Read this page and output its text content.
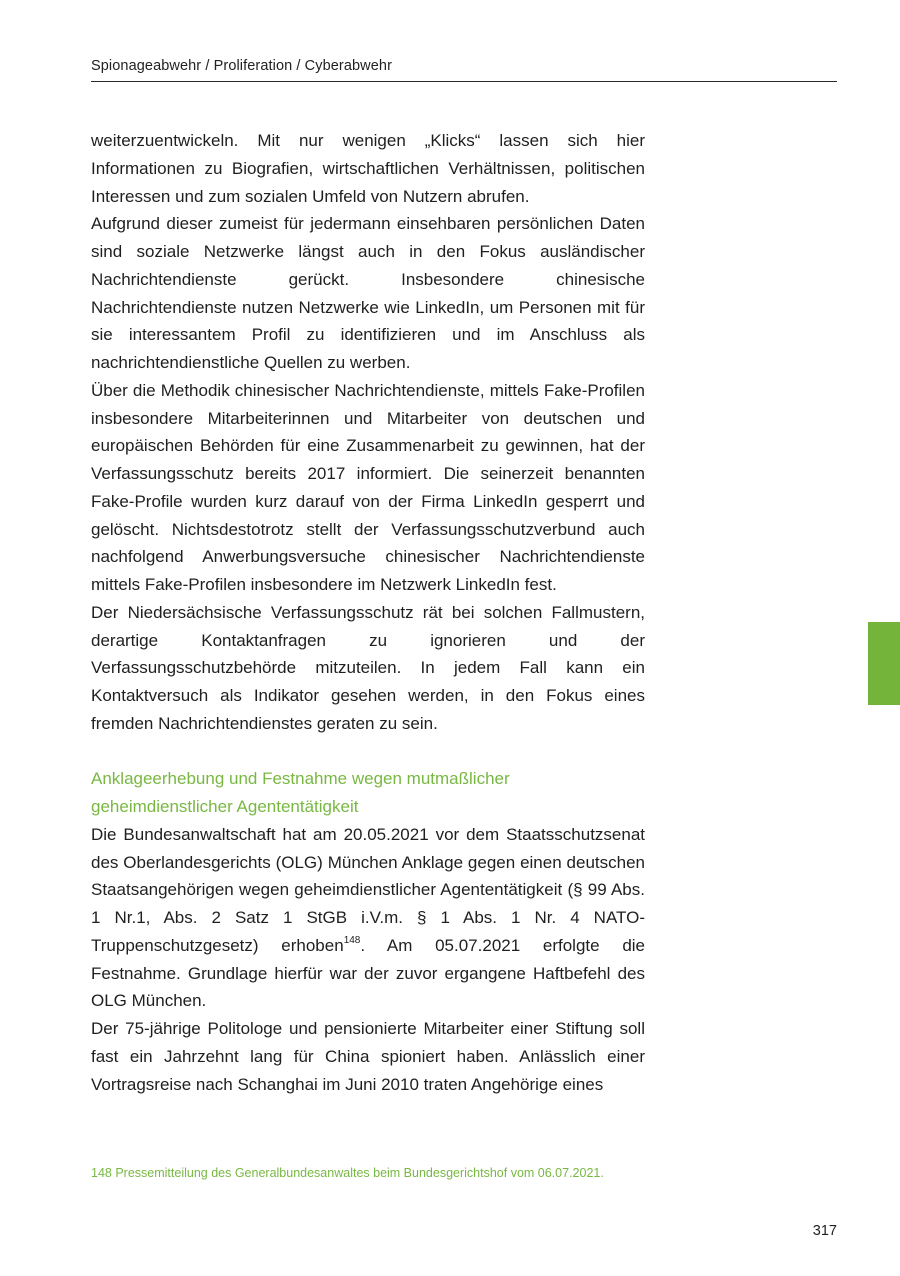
Spionageabwehr / Proliferation / Cyberabwehr

weiterzuentwickeln. Mit nur wenigen „Klicks“ lassen sich hier Informationen zu Biografien, wirtschaftlichen Verhältnissen, politischen Interessen und zum sozialen Umfeld von Nutzern abrufen.

Aufgrund dieser zumeist für jedermann einsehbaren persönlichen Daten sind soziale Netzwerke längst auch in den Fokus ausländischer Nachrichtendienste gerückt. Insbesondere chinesische Nachrichtendienste nutzen Netzwerke wie LinkedIn, um Personen mit für sie interessantem Profil zu identifizieren und im Anschluss als nachrichtendienstliche Quellen zu werben.

Über die Methodik chinesischer Nachrichtendienste, mittels Fake-Profilen insbesondere Mitarbeiterinnen und Mitarbeiter von deutschen und europäischen Behörden für eine Zusammenarbeit zu gewinnen, hat der Verfassungsschutz bereits 2017 informiert. Die seinerzeit benannten Fake-Profile wurden kurz darauf von der Firma LinkedIn gesperrt und gelöscht. Nichtsdestotrotz stellt der Verfassungsschutzverbund auch nachfolgend Anwerbungsversuche chinesischer Nachrichtendienste mittels Fake-Profilen insbesondere im Netzwerk LinkedIn fest.

Der Niedersächsische Verfassungsschutz rät bei solchen Fallmustern, derartige Kontaktanfragen zu ignorieren und der Verfassungsschutzbehörde mitzuteilen. In jedem Fall kann ein Kontaktversuch als Indikator gesehen werden, in den Fokus eines fremden Nachrichtendienstes geraten zu sein.

Anklageerhebung und Festnahme wegen mutmaßlicher geheimdienstlicher Agententätigkeit

Die Bundesanwaltschaft hat am 20.05.2021 vor dem Staatsschutzsenat des Oberlandesgerichts (OLG) München Anklage gegen einen deutschen Staatsangehörigen wegen geheimdienstlicher Agententätigkeit (§ 99 Abs. 1 Nr.1, Abs. 2 Satz 1 StGB i.V.m. § 1 Abs. 1 Nr. 4 NATO-Truppenschutzgesetz) erhoben$^{148}$. Am 05.07.2021 erfolgte die Festnahme. Grundlage hierfür war der zuvor ergangene Haftbefehl des OLG München.

Der 75-jährige Politologe und pensionierte Mitarbeiter einer Stiftung soll fast ein Jahrzehnt lang für China spioniert haben. Anlässlich einer Vortragsreise nach Schanghai im Juni 2010 traten Angehörige eines

148 Pressemitteilung des Generalbundesanwaltes beim Bundesgerichtshof vom 06.07.2021.
317
